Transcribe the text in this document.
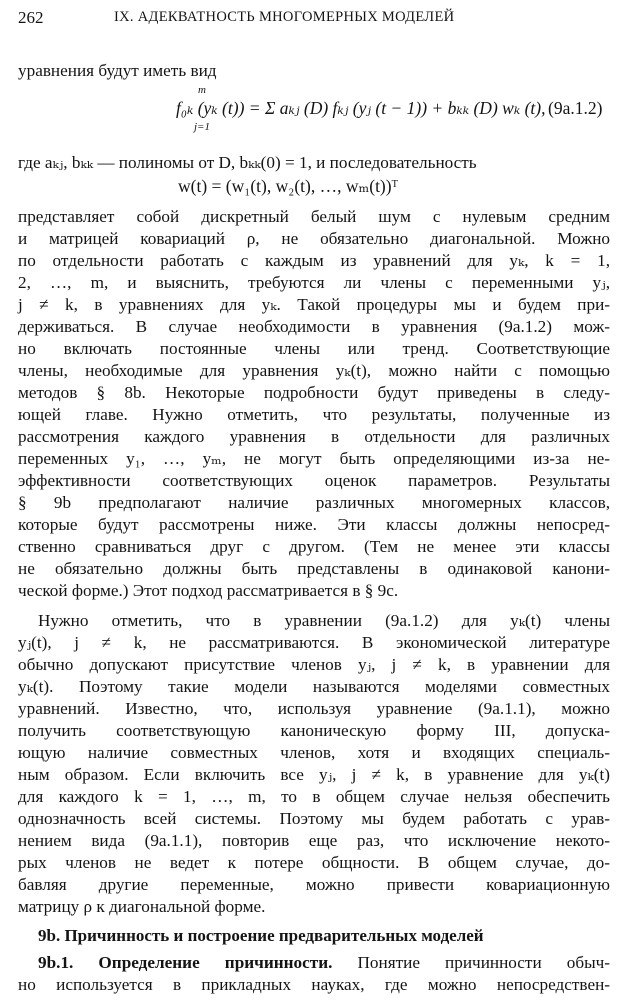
262	IX. АДЕКВАТНОСТЬ МНОГОМЕРНЫХ МОДЕЛЕЙ
уравнения будут иметь вид
f₀ₖ (yₖ (t)) = Σ aₖⱼ (D) fₖⱼ (yⱼ (t − 1)) + bₖₖ (D) wₖ (t),
m
j=1
(9a.1.2)
где aₖⱼ, bₖₖ — полиномы от D, bₖₖ(0) = 1, и последовательность
w(t) = (w₁(t), w₂(t), …, wₘ(t))ᵀ
представляет собой дискретный белый шум с нулевым средним
и матрицей ковариаций ρ, не обязательно диагональной. Можно
по отдельности работать с каждым из уравнений для yₖ, k = 1,
2, …, m, и выяснить, требуются ли члены с переменными yⱼ,
j ≠ k, в уравнениях для yₖ. Такой процедуры мы и будем при-
держиваться. В случае необходимости в уравнения (9a.1.2) мож-
но включать постоянные члены или тренд. Соответствующие
члены, необходимые для уравнения yₖ(t), можно найти с помощью
методов § 8b. Некоторые подробности будут приведены в следу-
ющей главе. Нужно отметить, что результаты, полученные из
рассмотрения каждого уравнения в отдельности для различных
переменных y₁, …, yₘ, не могут быть определяющими из-за не-
эффективности соответствующих оценок параметров. Результаты
§ 9b предполагают наличие различных многомерных классов,
которые будут рассмотрены ниже. Эти классы должны непосред-
ственно сравниваться друг с другом. (Тем не менее эти классы
не обязательно должны быть представлены в одинаковой канони-
ческой форме.) Этот подход рассматривается в § 9c.
Нужно отметить, что в уравнении (9a.1.2) для yₖ(t) члены
yⱼ(t), j ≠ k, не рассматриваются. В экономической литературе
обычно допускают присутствие членов yⱼ, j ≠ k, в уравнении для
yₖ(t). Поэтому такие модели называются моделями совместных
уравнений. Известно, что, используя уравнение (9a.1.1), можно
получить соответствующую каноническую форму III, допуска-
ющую наличие совместных членов, хотя и входящих специаль-
ным образом. Если включить все yⱼ, j ≠ k, в уравнение для yₖ(t)
для каждого k = 1, …, m, то в общем случае нельзя обеспечить
однозначность всей системы. Поэтому мы будем работать с урав-
нением вида (9a.1.1), повторив еще раз, что исключение некото-
рых членов не ведет к потере общности. В общем случае, до-
бавляя другие переменные, можно привести ковариационную
матрицу ρ к диагональной форме.
9b. Причинность и построение предварительных моделей
9b.1. Определение причинности. Понятие причинности обыч-
но используется в прикладных науках, где можно непосредствен-
